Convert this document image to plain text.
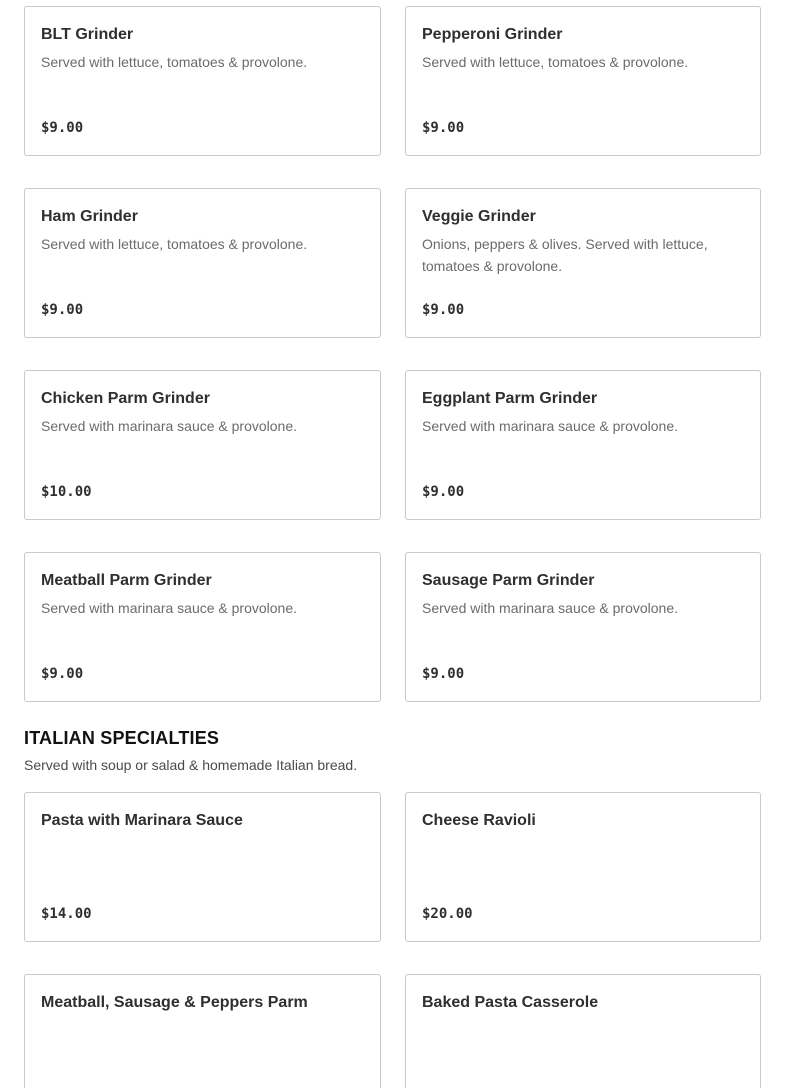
BLT Grinder
Served with lettuce, tomatoes & provolone.
$9.00
Pepperoni Grinder
Served with lettuce, tomatoes & provolone.
$9.00
Ham Grinder
Served with lettuce, tomatoes & provolone.
$9.00
Veggie Grinder
Onions, peppers & olives. Served with lettuce, tomatoes & provolone.
$9.00
Chicken Parm Grinder
Served with marinara sauce & provolone.
$10.00
Eggplant Parm Grinder
Served with marinara sauce & provolone.
$9.00
Meatball Parm Grinder
Served with marinara sauce & provolone.
$9.00
Sausage Parm Grinder
Served with marinara sauce & provolone.
$9.00
ITALIAN SPECIALTIES
Served with soup or salad & homemade Italian bread.
Pasta with Marinara Sauce
$14.00
Cheese Ravioli
$20.00
Meatball, Sausage & Peppers Parm	Baked Pasta Casserole
